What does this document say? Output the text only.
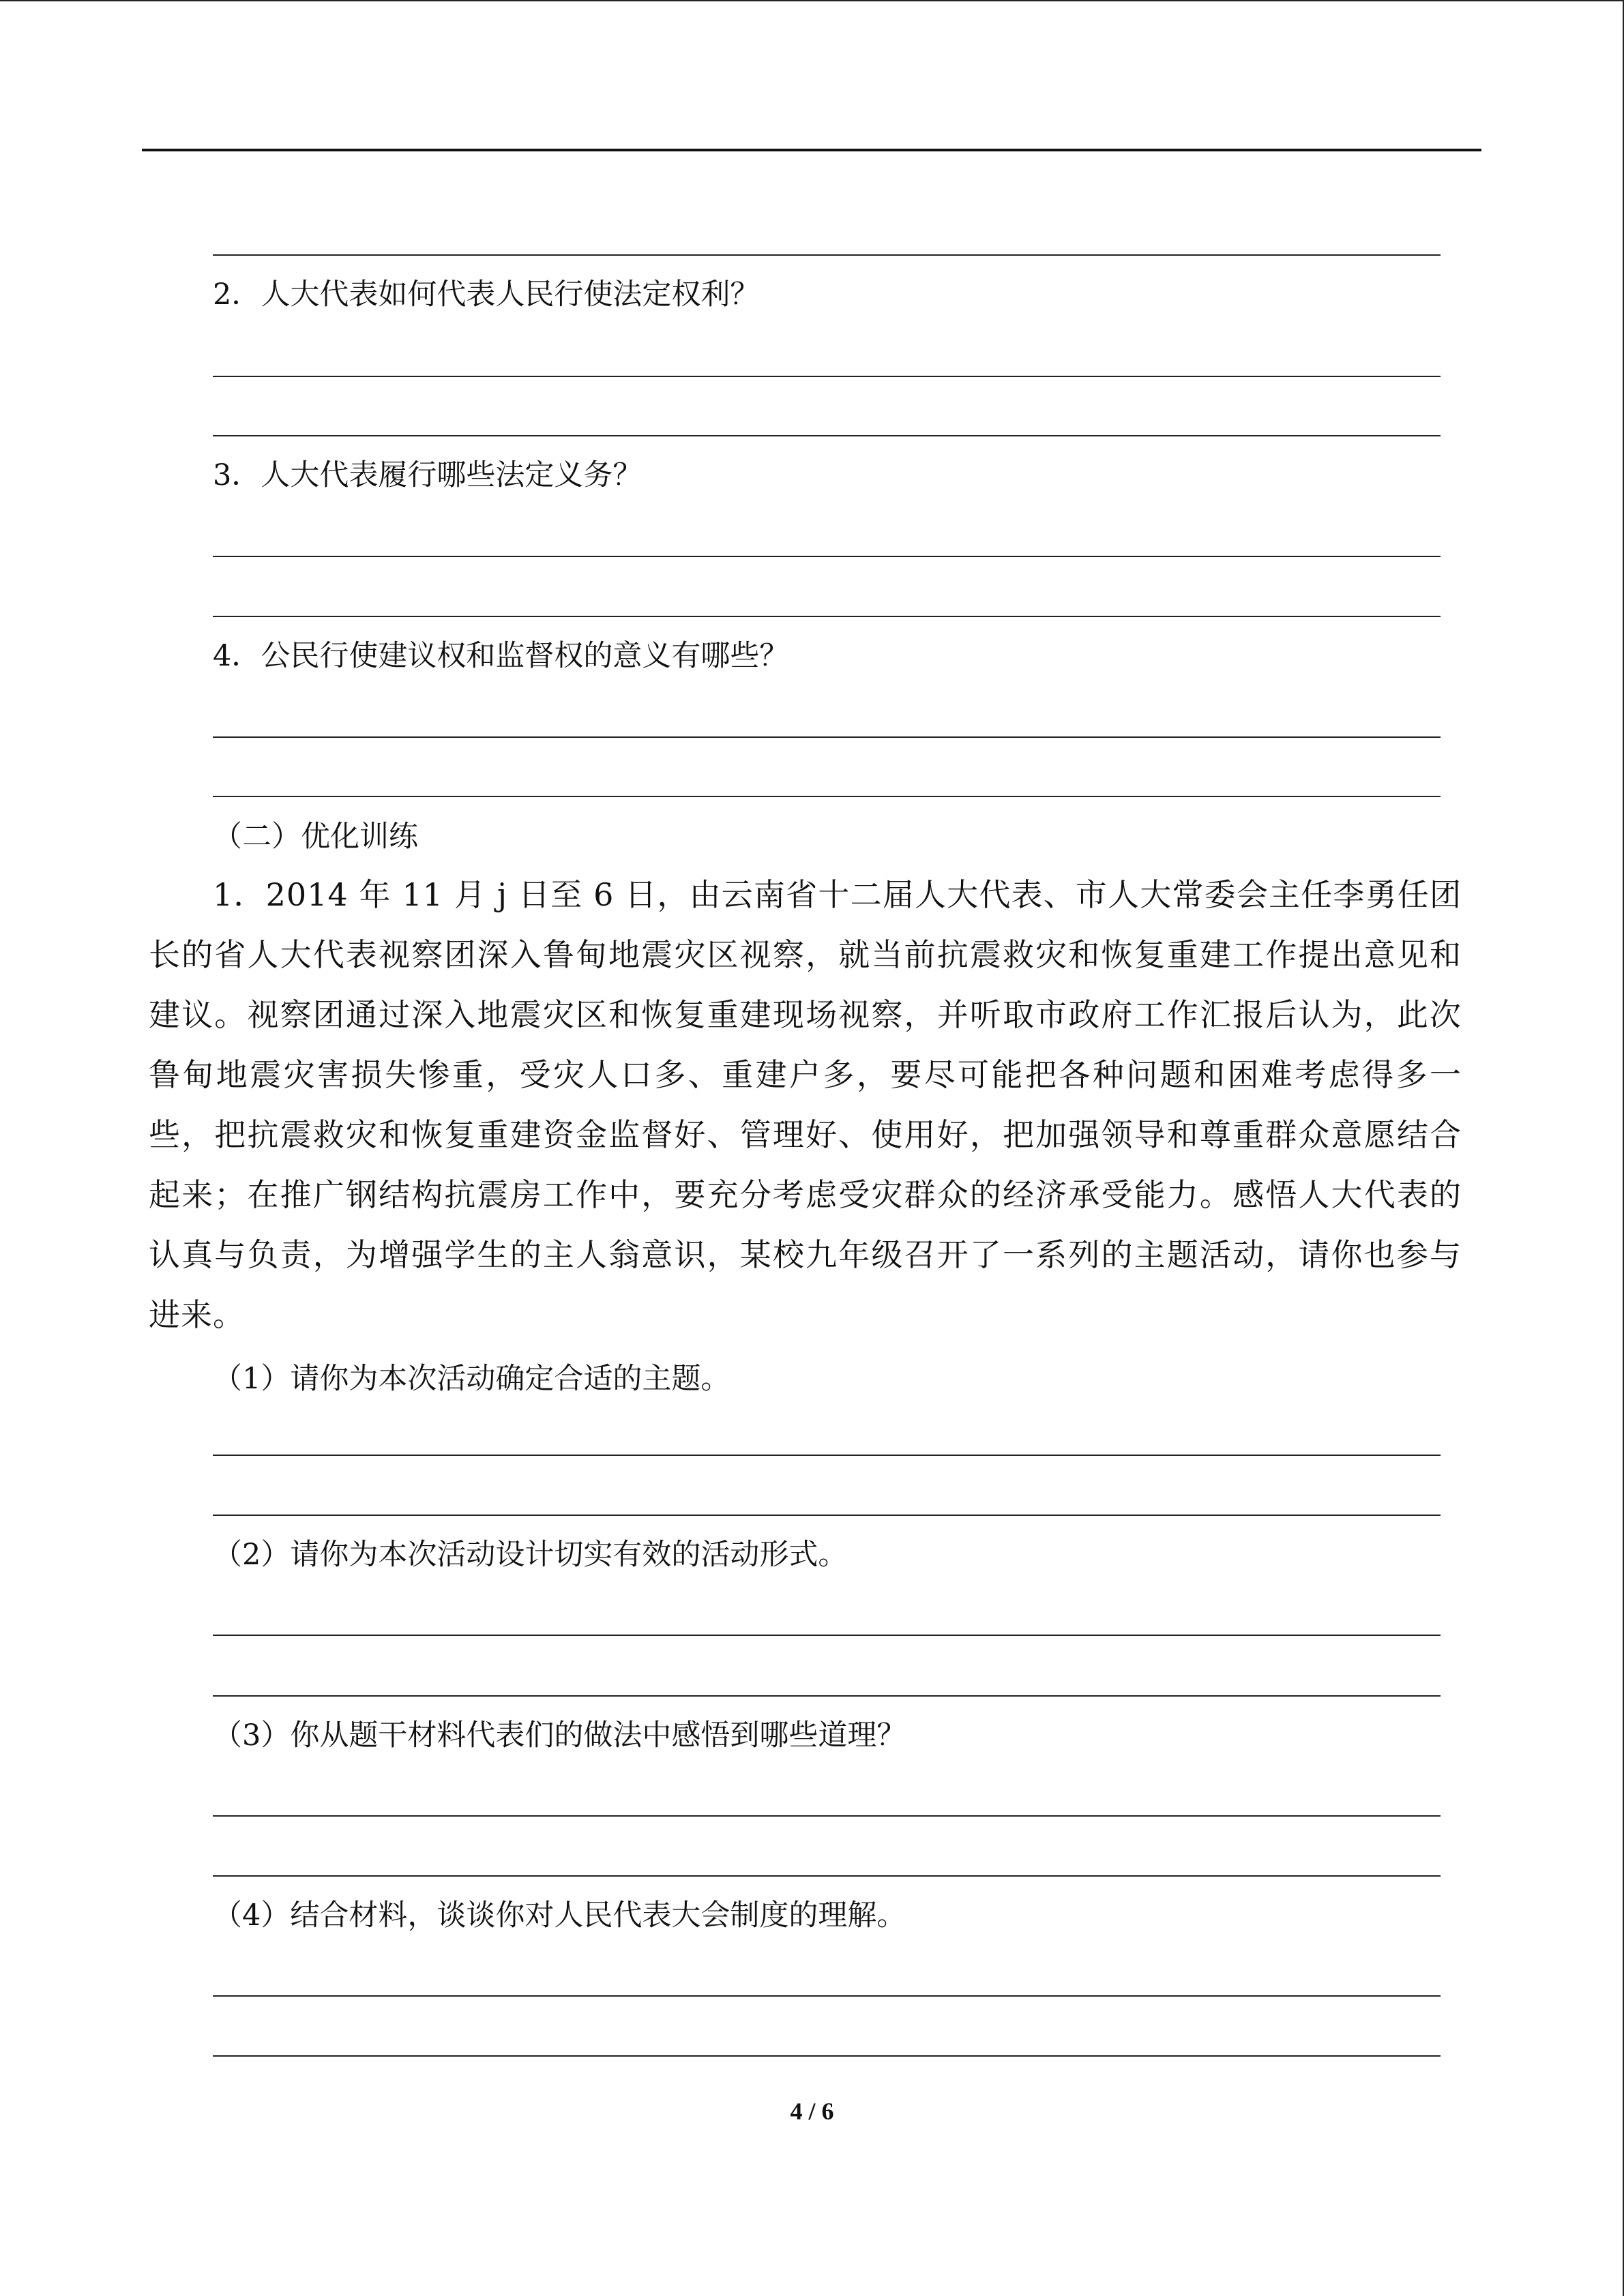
2．人大代表如何代表人民行使法定权利？
3．人大代表履行哪些法定义务？
4．公民行使建议权和监督权的意义有哪些？
（二）优化训练
1．2014 年 11 月 j 日至 6 日，由云南省十二届人大代表、市人大常委会主任李勇任团长的省人大代表视察团深入鲁甸地震灾区视察，就当前抗震救灾和恢复重建工作提出意见和建议。视察团通过深入地震灾区和恢复重建现场视察，并听取市政府工作汇报后认为，此次鲁甸地震灾害损失惨重，受灾人口多、重建户多，要尽可能把各种问题和困难考虑得多一些，把抗震救灾和恢复重建资金监督好、管理好、使用好，把加强领导和尊重群众意愿结合起来；在推广钢结构抗震房工作中，要充分考虑受灾群众的经济承受能力。感悟人大代表的认真与负责，为增强学生的主人翁意识，某校九年级召开了一系列的主题活动，请你也参与进来。
（1）请你为本次活动确定合适的主题。
（2）请你为本次活动设计切实有效的活动形式。
（3）你从题干材料代表们的做法中感悟到哪些道理？
（4）结合材料，谈谈你对人民代表大会制度的理解。
4 / 6
